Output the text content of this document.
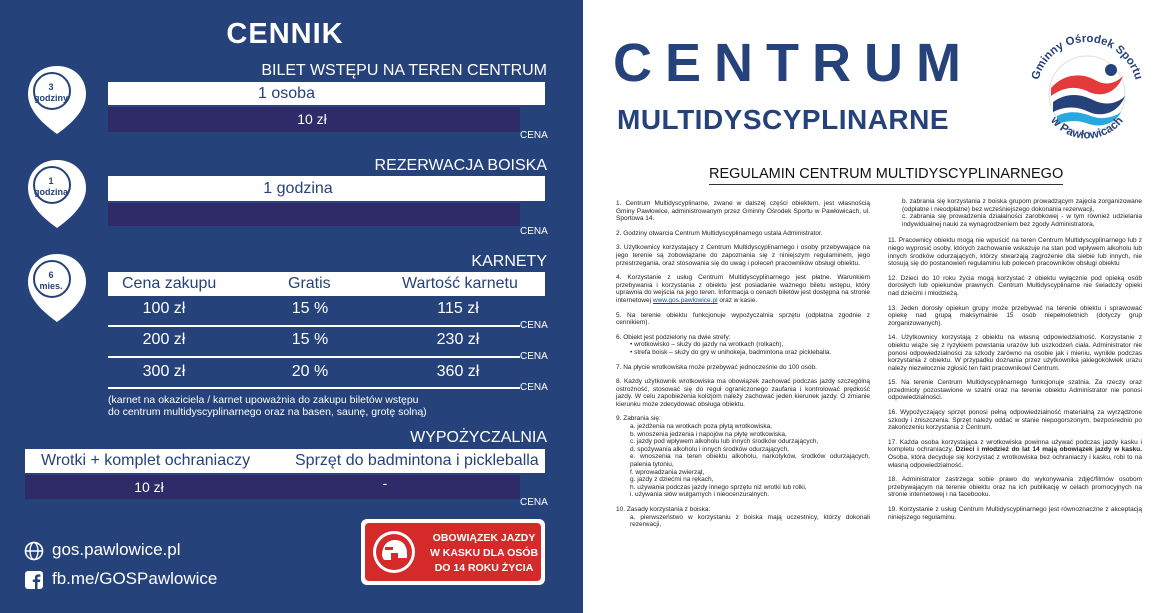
CENNIK
3
godziny
1
godzina
6
mies.
BILET WSTĘPU NA TEREN CENTRUM
1 osoba
10 zł
CENA
REZERWACJA BOISKA
1 godzina
CENA
KARNETY
Cena zakupu	Gratis	Wartość karnetu
100 zł	15 %	115 zł
CENA
200 zł	15 %	230 zł
CENA
300 zł	20 %	360 zł
CENA
(karnet na okaziciela / karnet upoważnia do zakupu biletów wstępu do centrum multidyscyplinarnego oraz na basen, saunę, grotę solną)
WYPOŻYCZALNIA
Wrotki + komplet ochraniaczy	Sprzęt do badmintona i pickleballa
10 zł	-
CENA
OBOWIĄZEK JAZDY W KASKU DLA OSÓB DO 14 ROKU ŻYCIA
gos.pawlowice.pl
fb.me/GOSPawlowice
CENTRUM
MULTIDYSCYPLINARNE
Gminny Ośrodek Sportu
w Pawłowicach
REGULAMIN CENTRUM MULTIDYSCYPLINARNEGO

1. Centrum Multidyscyplinarne, zwane w dalszej części obiektem, jest własnością Gminy Pawłowice, administrowanym przez Gminny Ośrodek Sportu w Pawłowicach, ul. Sportowa 14.

2. Godziny otwarcia Centrum Multidyscyplinarnego ustala Administrator.

3. Użytkownicy korzystający z Centrum Multidyscyplinarnego i osoby przebywające na jego terenie są zobowiązane do zapoznania się z niniejszym regulaminem, jego przestrzegania, oraz stosowania się do uwag i poleceń pracowników obsługi obiektu.

4. Korzystanie z usług Centrum Multidyscyplinarnego jest płatne. Warunkiem przebywania i korzystania z obiektu jest posiadanie ważnego biletu wstępu, który uprawnia do wejścia na jego teren. Informacja o cenach biletów jest dostępna na stronie internetowej www.gos.pawlowice.pl oraz w kasie.

5. Na terenie obiektu funkcjonuje wypożyczalnia sprzętu (odpłatna zgodnie z cennikiem).

6. Obiekt jest podzielony na dwie strefy:

• wrotkowisko – służy do jazdy na wrotkach (rolkach),
• strefa boisk – służy do gry w unihokeja, badmintona oraz pickleballa.

7. Na płycie wrotkowiska może przebywać jednocześnie do 100 osób.

8. Każdy użytkownik wrotkowiska ma obowiązek zachować podczas jazdy szczególną ostrożność, stosować się do reguł ograniczonego zaufania i kontrolować prędkość jazdy. W celu zapobieżenia kolizjom należy zachować jeden kierunek jazdy. O zmianie kierunku może zdecydować obsługa obiektu.

9. Zabrania się:

a. jeżdżenia na wrotkach poza płytą wrotkowiska,
b. wnoszenia jedzenia i napojów na płytę wrotkowiska,
c. jazdy pod wpływem alkoholu lub innych środków odurzających,
d. spożywania alkoholu i innych środków odurzających,
e. wnoszenia na teren obiektu alkoholu, narkotyków, środków odurzających, palenia tytoniu,
f. wprowadzania zwierząt,
g. jazdy z dziećmi na rękach,
h. używania podczas jazdy innego sprzętu niż wrotki lub rolki,
i. używania słów wulgarnych i nieocenzuralnych.

10. Zasady korzystania z boiska:

a. pierwszeństwo w korzystaniu z boiska mają uczestnicy, którzy dokonali rezerwacji,
b. zabrania się korzystania z boiska grupom prowadzącym zajęcia zorganizowane (odpłatne i nieodpłatne) bez wcześniejszego dokonania rezerwacji,
c. zabrania się prowadzenia działalności zarobkowej - w tym również udzielania indywidualnej nauki za wynagrodzeniem bez zgody Administratora,

11. Pracownicy obiektu mogą nie wpuścić na teren Centrum Multidyscyplinarnego lub z niego wyprosić osoby, których zachowanie wskazuje na stan pod wpływem alkoholu lub innych środków odurzających, którzy stwarzają zagrożenie dla siebie lub innych, nie stosują się do postanowień regulaminu lub poleceń pracowników obsługi obiektu

12. Dzieci do 10 roku życia mogą korzystać z obiektu wyłącznie pod opieką osób dorosłych lub opiekunów prawnych. Centrum Multidyscyplinarne nie świadczy opieki nad dziećmi i młodzieżą.

13. Jeden dorosły opiekun grupy może przebywać na terenie obiektu i sprawować opiekę nad grupą maksymalnie 15 osób niepełnoletnich (dotyczy grup zorganizowanych).

14. Użytkownicy korzystają z obiektu na własną odpowiedzialność. Korzystanie z obiektu wiąże się z ryzykiem powstania urazów lub uszkodzeń ciała. Administrator nie ponosi odpowiedzialności za szkody zarówno na osobie jak i mieniu, wynikłe podczas korzystania z obiektu. W przypadku doznania przez użytkownika jakiegokolwiek urazu należy niezwłocznie zgłosić ten fakt pracownikowi Centrum.

15. Na terenie Centrum Multidyscyplinarnego funkcjonuje szatnia. Za rzeczy oraz przedmioty pozostawione w szatni oraz na terenie obiektu Administrator nie ponosi odpowiedzialności.

16. Wypożyczający sprzęt ponosi pełną odpowiedzialność materialną za wyrządzone szkody i zniszczenia. Sprzęt należy oddać w stanie niepogorszonym, bezpośrednio po zakończeniu korzystania z Centrum.

17. Każda osoba korzystająca z wrotkowiska powinna używać podczas jazdy kasku i kompletu ochraniaczy. Dzieci i młodzież do lat 14 mają obowiązek jazdy w kasku. Osoba, która decyduje się korzystać z wrotkowiska bez ochraniaczy i kasku, robi to na własną odpowiedzialność.

18. Administrator zastrzega sobie prawo do wykonywania zdjęć/filmów osobom przebywającym na terenie obiektu oraz na ich publikację w celach promocyjnych na stronie internetowej i na facebooku.

19. Korzystanie z usług Centrum Multidyscyplinarnego jest równoznaczne z akceptacją niniejszego regulaminu.
